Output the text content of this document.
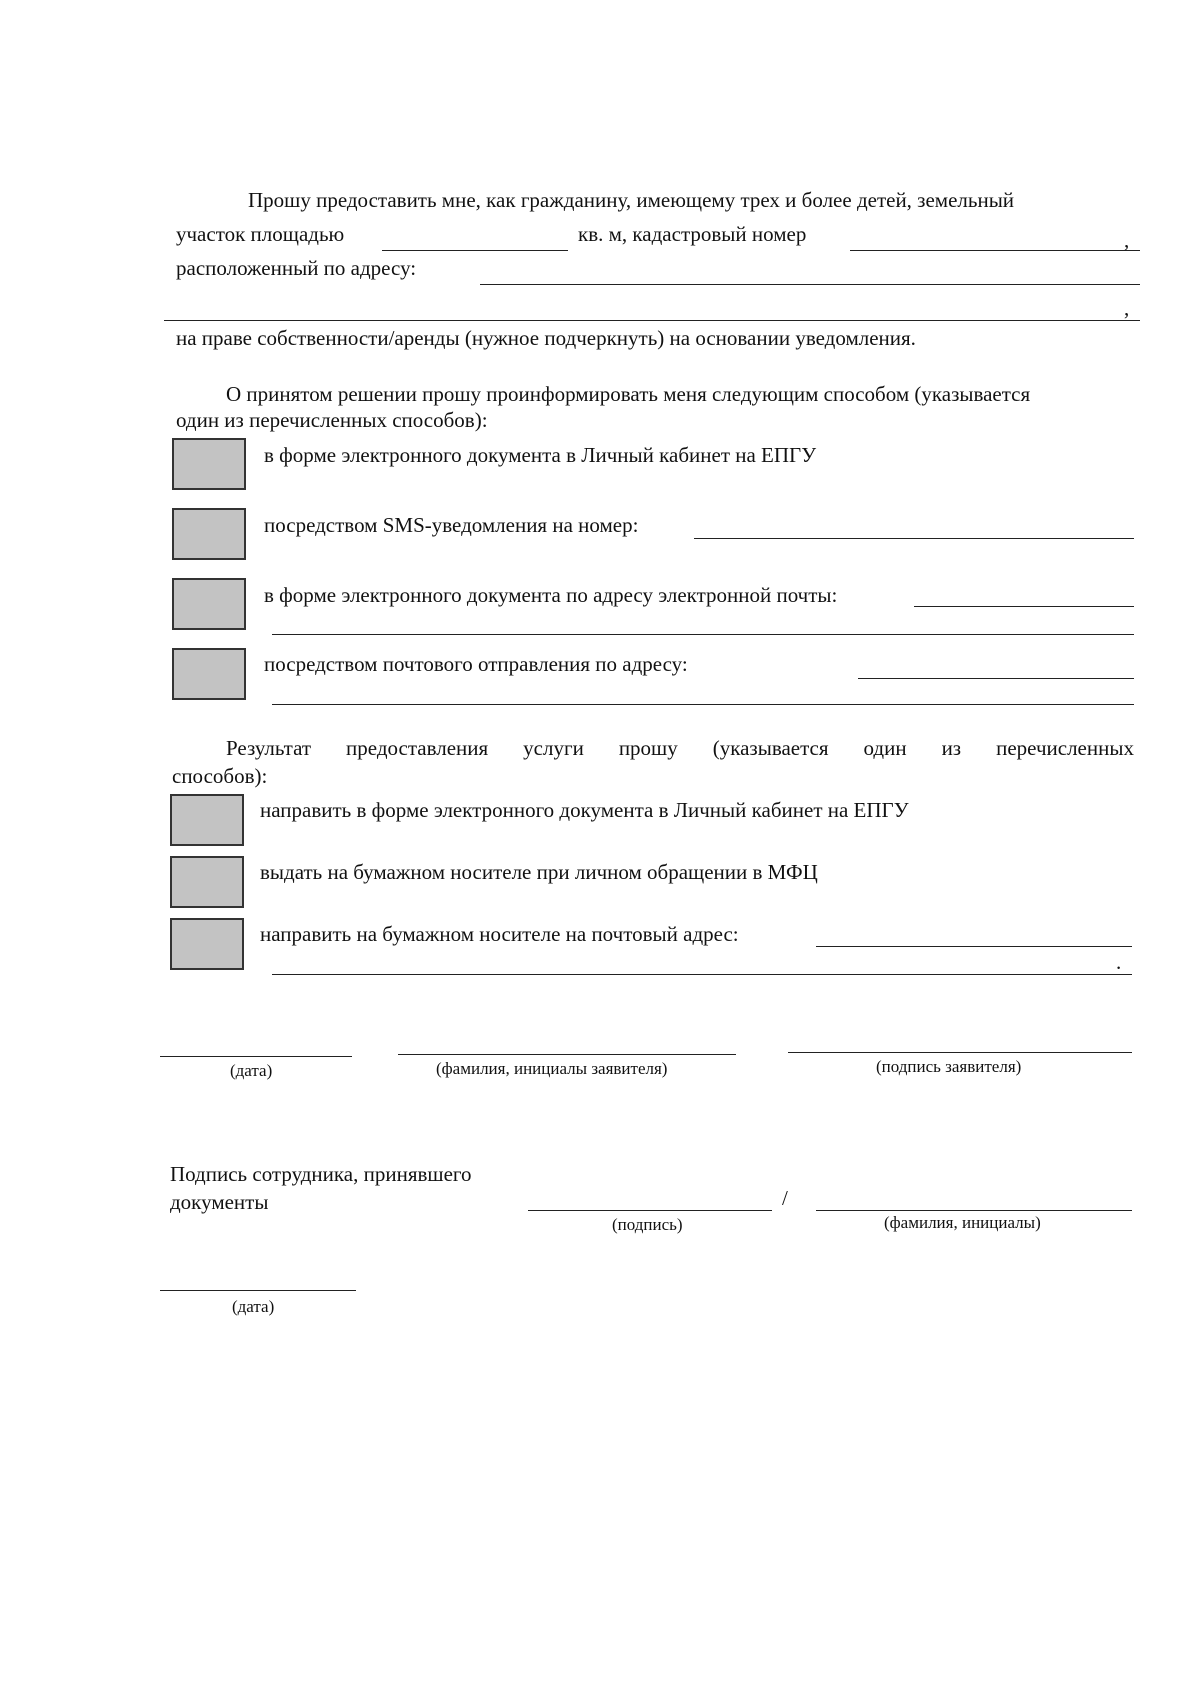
Прошу предоставить мне, как гражданину, имеющему трех и более детей, земельный
участок площадью	кв. м, кадастровый номер	,
расположенный по адресу:
,
на праве собственности/аренды (нужное подчеркнуть) на основании уведомления.
О принятом решении прошу проинформировать меня следующим способом (указывается
один из перечисленных способов):
в форме электронного документа в Личный кабинет на ЕПГУ
посредством SMS-уведомления на номер:
в форме электронного документа по адресу электронной почты:
посредством почтового отправления по адресу:
Результат предоставления услуги прошу (указывается один из перечисленных
способов):
направить в форме электронного документа в Личный кабинет на ЕПГУ
выдать на бумажном носителе при личном обращении в МФЦ
направить на бумажном носителе на почтовый адрес:
.
(дата)	(фамилия, инициалы заявителя)	(подпись заявителя)
Подпись сотрудника, принявшего
документы	/
(подпись)	(фамилия, инициалы)
(дата)
